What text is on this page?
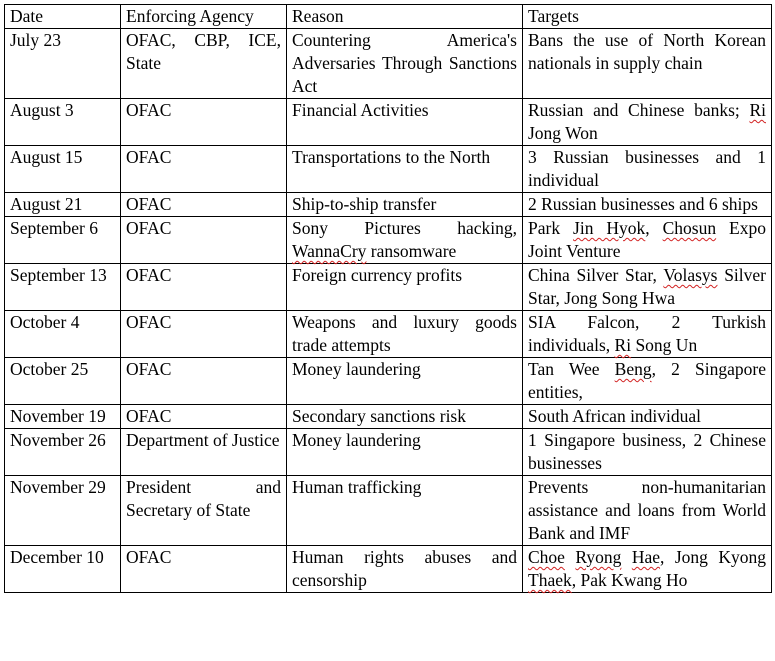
Date	Enforcing Agency	Reason	Targets
July 23	OFAC, CBP, ICE, State	Countering America's Adversaries Through Sanctions Act	Bans the use of North Korean nationals in supply chain
August 3	OFAC	Financial Activities	Russian and Chinese banks; Ri Jong Won
August 15	OFAC	Transportations to the North	3 Russian businesses and 1 individual
August 21	OFAC	Ship-to-ship transfer	2 Russian businesses and 6 ships
September 6	OFAC	Sony Pictures hacking, WannaCry ransomware	Park Jin Hyok, Chosun Expo Joint Venture
September 13	OFAC	Foreign currency profits	China Silver Star, Volasys Silver Star, Jong Song Hwa
October 4	OFAC	Weapons and luxury goods trade attempts	SIA Falcon, 2 Turkish individuals, Ri Song Un
October 25	OFAC	Money laundering	Tan Wee Beng, 2 Singapore entities,
November 19	OFAC	Secondary sanctions risk	South African individual
November 26	Department of Justice	Money laundering	1 Singapore business, 2 Chinese businesses
November 29	President and Secretary of State	Human trafficking	Prevents non-humanitarian assistance and loans from World Bank and IMF
December 10	OFAC	Human rights abuses and censorship	Choe Ryong Hae, Jong Kyong Thaek, Pak Kwang Ho
